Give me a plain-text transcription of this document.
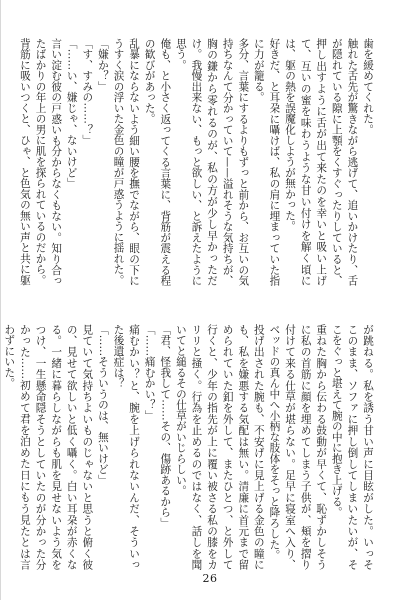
歯を緩めてくれた。

触れた舌先が驚きながら逃げて、追いかけたり、舌が隠れている隙に上顎をくすぐったりしていると、押し出すように舌が出て来たのを幸いと吸い上げて、互いの蜜を味わうような甘い付けを解く頃には、躯の熱を誤魔化しようが無かった。

好きだ、と耳朶に囁けば、私の肩に埋まっていた指に力が籠る。

多分、言葉にするよりもずっと前から、お互いの気持ちなんて分かっていて——溢れそうな気持ちが、胸の鎌から零れるのが、私の方が少し早かっただけ。我慢出来ない、もっと欲しい、と訴えたように思う。

俺も、と小さく返ってくる言葉に、背筋が震える程の歓びがあった。

乱暴にならないよう細い腰を撫でながら、眼の下にうすく涙の浮いた金色の瞳が戸惑うように揺れた。

「嫌か？」

「す、すみの……？」

「……い、嫌じゃ、ないけど」

言い淀む彼の戸惑いも分からなくもない。知り合ったばかりの年上の男に肌を探られているのだから。

背筋に吸いつくと、ひゃ、と色気の無い声と共に躯

が跳ねる。私を誘う甘い声に目眩がした。いっそこのまま、ソファに押し倒してしまいたいが、そこをぐっと堪えて腕の中に抱き上げる。

重ねた胸から伝わる鼓動が早くて、恥ずかしそうに私の首筋に顔を埋めてしまう子供が、頬を摺り付けて来る仕草が堪らない。足早に寝室へ入り、ベッドの真ん中へ小柄な肢体をそっと降ろした。

投げ出された腕も、不安げに見上げる金色の瞳にも、私を嫌悪する気配は無い。清廉に首元まで留められていた釦を外して、またひとつ、と外して行くと、少年の指先が上に覆い被さる私の膝をカリリと掻く。行為を止めるのではなく、話しを聞いてと縋るその仕草がいじらしい。

「君、怪我して……その、傷跡あるから」

「……痛むかい？」

痛むかい？と、腕を上げられないんだ、そういった後遺症は？

「……そういうのは、無いけど」

見ていて気持ちよいものじゃないと思うと俯く彼の、見せて欲しいと低く囁く。白い耳朶が赤くなる。一緒に暮らしながらも肌を見せないよう気をつけ、一生懸命隠そうとしていたのが分かった分かった……初めて君を泊めた日にもう見たとは言わずにいた。

26
